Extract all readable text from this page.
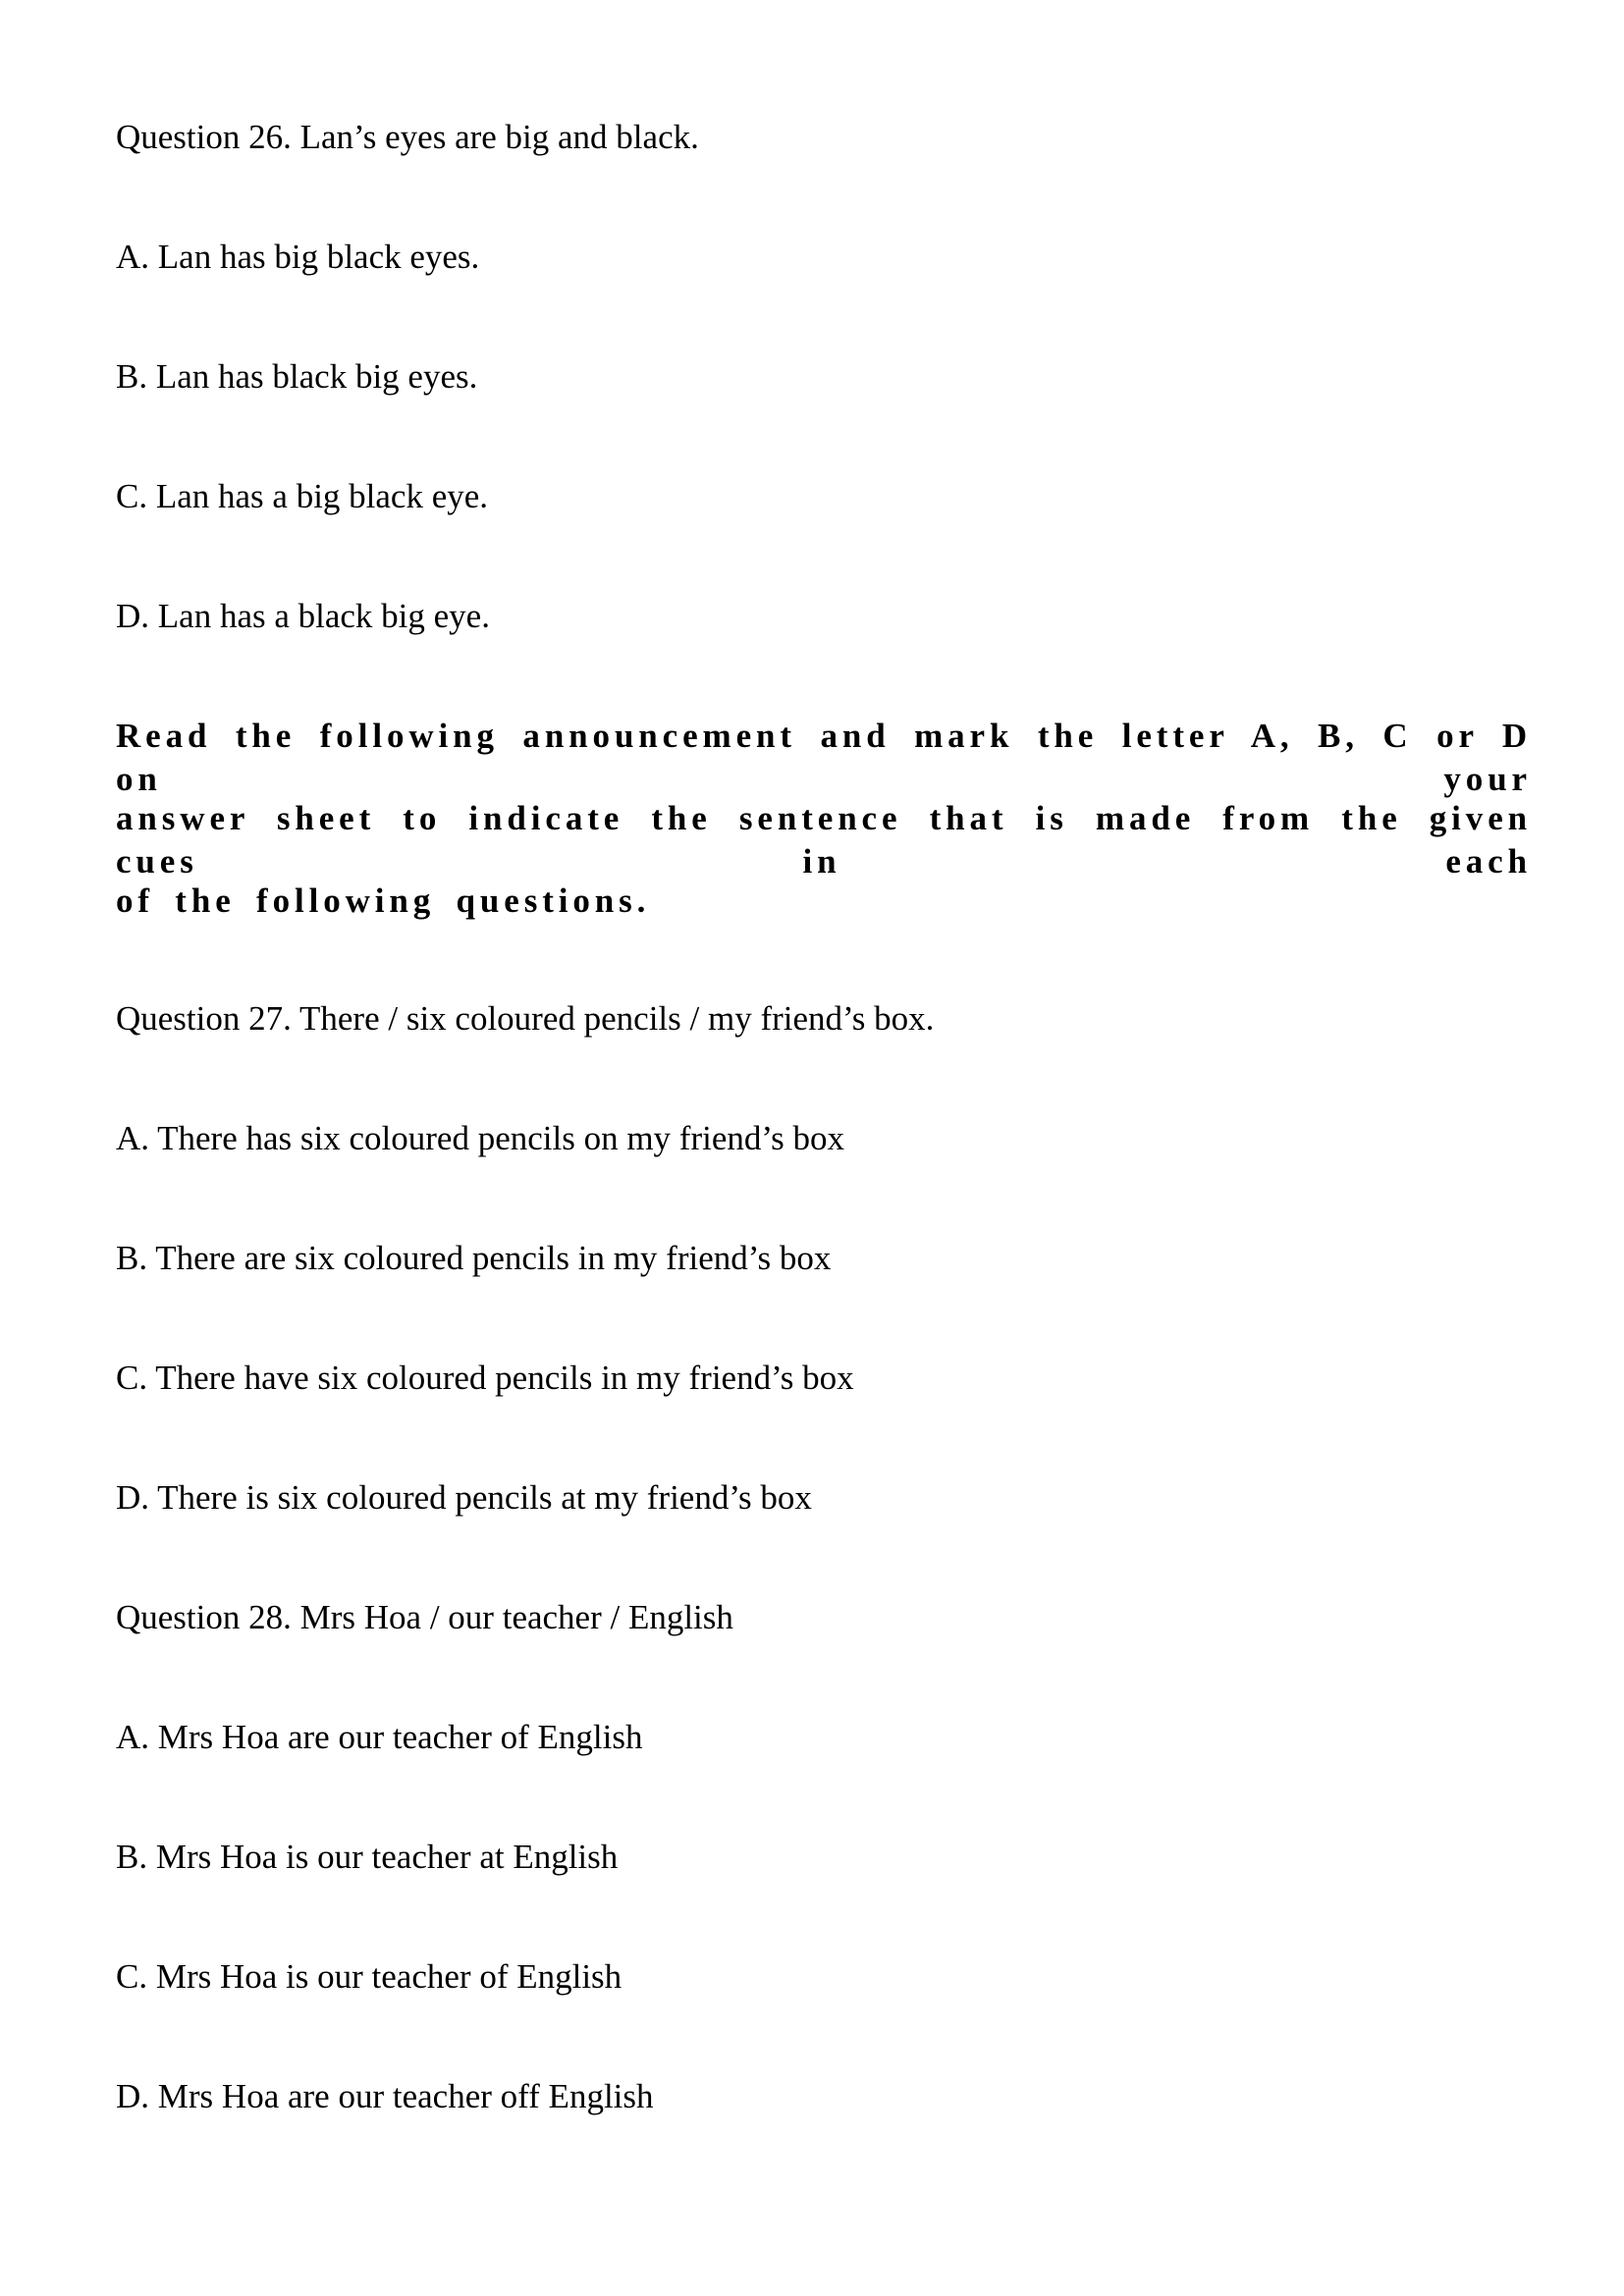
Question 26. Lan’s eyes are big and black.
A. Lan has big black eyes.
B. Lan has black big eyes.
C. Lan has a big black eye.
D. Lan has a black big eye.
Read the following announcement and mark the letter A, B, C or D on your
answer sheet to indicate the sentence that is made from the given cues in each
of the following questions.
Question 27. There / six coloured pencils / my friend’s box.
A. There has six coloured pencils on my friend’s box
B. There are six coloured pencils in my friend’s box
C. There have six coloured pencils in my friend’s box
D. There is six coloured pencils at my friend’s box
Question 28. Mrs Hoa / our teacher / English
A. Mrs Hoa are our teacher of English
B. Mrs Hoa is our teacher at English
C. Mrs Hoa is our teacher of English
D. Mrs Hoa are our teacher off English
